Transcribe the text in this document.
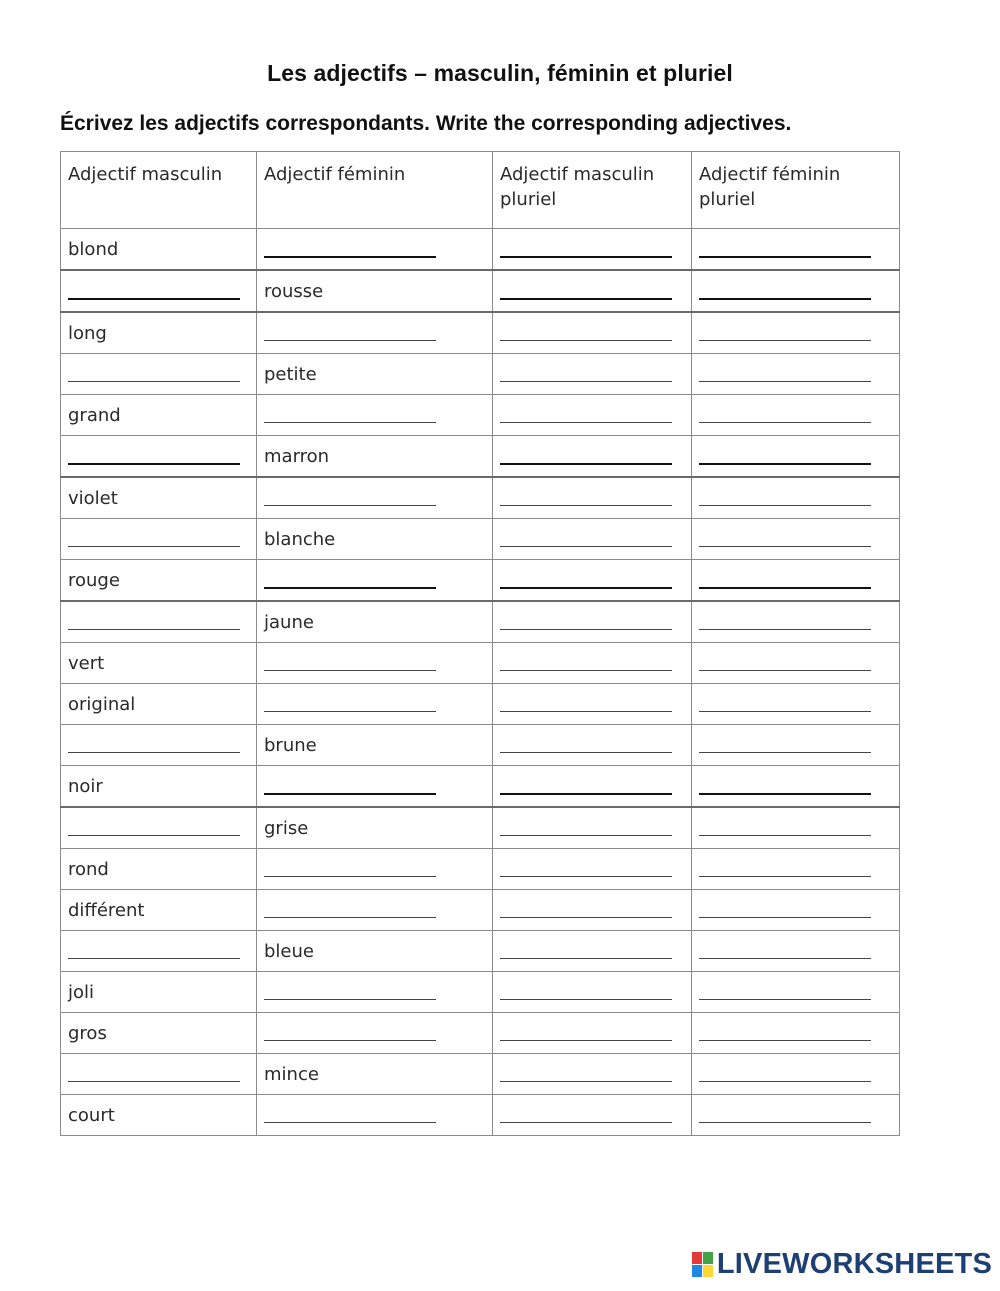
Les adjectifs – masculin, féminin et pluriel
Écrivez les adjectifs correspondants. Write the corresponding adjectives.
Adjectif masculin	Adjectif féminin	Adjectif masculin pluriel	Adjectif féminin pluriel
blond			
	rousse		
long			
	petite		
grand			
	marron		
violet			
	blanche		
rouge			
	jaune		
vert			
original			
	brune		
noir			
	grise		
rond			
différent			
	bleue		
joli			
gros			
	mince		
court			
LIVEWORKSHEETS
